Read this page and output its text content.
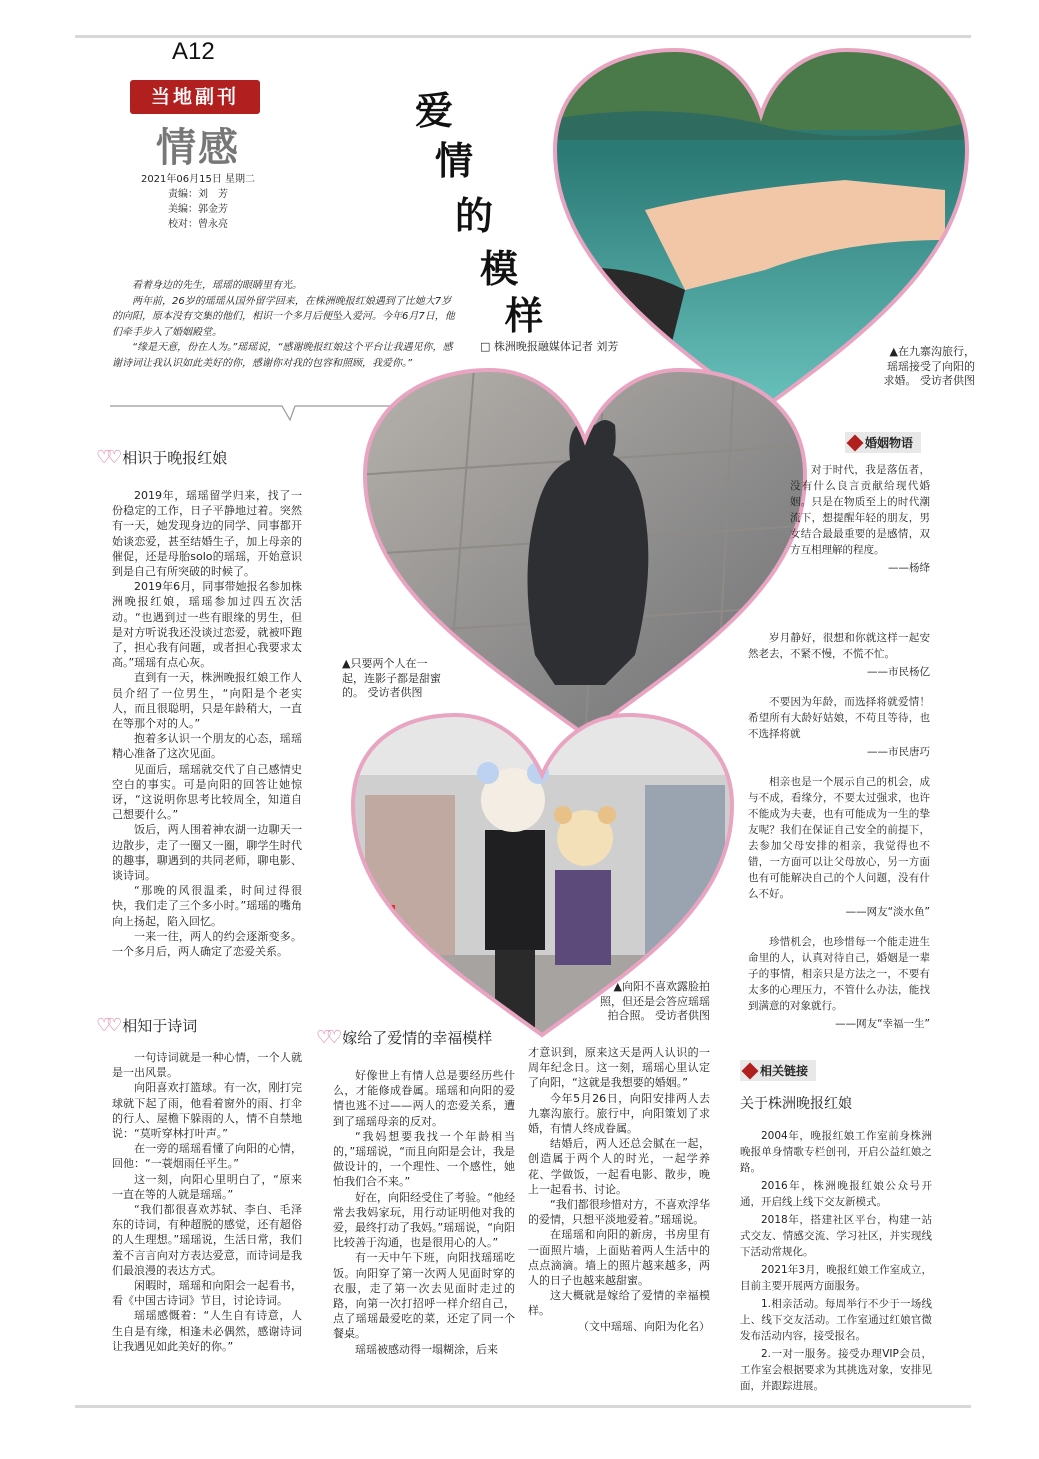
A12
当地副刊
情感
2021年06月15日 星期二
责编：刘　芳
美编：郭金芳
校对：曾永亮
爱
情
的
模
样
□ 株洲晚报融媒体记者 刘芳

看着身边的先生，瑶瑶的眼睛里有光。

两年前，26岁的瑶瑶从国外留学回来，在株洲晚报红娘遇到了比她大7岁的向阳，原本没有交集的他们，相识一个多月后便坠入爱河。今年6月7日，他们牵手步入了婚姻殿堂。

“缘是天意，份在人为。”瑶瑶说，“感谢晚报红娘这个平台让我遇见你，感谢诗词让我认识如此美好的你，感谢你对我的包容和照顾，我爱你。”

▲在九寨沟旅行，瑶瑶接受了向阳的求婚。 受访者供图
▲只要两个人在一起，连影子都是甜蜜的。 受访者供图
▲向阳不喜欢露脸拍照，但还是会答应瑶瑶拍合照。 受访者供图
♡♡ 相识于晚报红娘

2019年，瑶瑶留学归来，找了一份稳定的工作，日子平静地过着。突然有一天，她发现身边的同学、同事都开始谈恋爱，甚至结婚生子，加上母亲的催促，还是母胎solo的瑶瑶，开始意识到是自己有所突破的时候了。

2019年6月，同事带她报名参加株洲晚报红娘，瑶瑶参加过四五次活动。“也遇到过一些有眼缘的男生，但是对方听说我还没谈过恋爱，就被吓跑了，担心我有问题，或者担心我要求太高。”瑶瑶有点心灰。

直到有一天，株洲晚报红娘工作人员介绍了一位男生，“向阳是个老实人，而且很聪明，只是年龄稍大，一直在等那个对的人。”

抱着多认识一个朋友的心态，瑶瑶精心准备了这次见面。

见面后，瑶瑶就交代了自己感情史空白的事实。可是向阳的回答让她惊讶，“这说明你思考比较周全，知道自己想要什么。”

饭后，两人围着神农湖一边聊天一边散步，走了一圈又一圈，聊学生时代的趣事，聊遇到的共同老师，聊电影、谈诗词。

“那晚的风很温柔，时间过得很快，我们走了三个多小时。”瑶瑶的嘴角向上扬起，陷入回忆。

一来一往，两人的约会逐渐变多。一个多月后，两人确定了恋爱关系。

♡♡ 相知于诗词

一句诗词就是一种心情，一个人就是一出风景。

向阳喜欢打篮球。有一次，刚打完球就下起了雨，他看着窗外的雨、打伞的行人、屋檐下躲雨的人，情不自禁地说：“莫听穿林打叶声。”

在一旁的瑶瑶看懂了向阳的心情，回他：“一蓑烟雨任平生。”

这一刻，向阳心里明白了，“原来一直在等的人就是瑶瑶。”

“我们都很喜欢苏轼、李白、毛泽东的诗词，有种超脱的感觉，还有超俗的人生理想。”瑶瑶说，生活日常，我们羞不言言向对方表达爱意，而诗词是我们最浪漫的表达方式。

闲暇时，瑶瑶和向阳会一起看书，看《中国古诗词》节目，讨论诗词。

瑶瑶感慨着：“人生自有诗意，人生自是有缘，相逢未必偶然，感谢诗词让我遇见如此美好的你。”

♡♡ 嫁给了爱情的幸福模样

好像世上有情人总是要经历些什么，才能修成眷属。瑶瑶和向阳的爱情也逃不过——两人的恋爱关系，遭到了瑶瑶母亲的反对。

“我妈想要我找一个年龄相当的，”瑶瑶说，“而且向阳是会计，我是做设计的，一个理性、一个感性，她怕我们合不来。”

好在，向阳经受住了考验。“他经常去我妈家玩，用行动证明他对我的爱，最终打动了我妈。”瑶瑶说，“向阳比较善于沟通，也是很用心的人。”

有一天中午下班，向阳找瑶瑶吃饭。向阳穿了第一次两人见面时穿的衣服，走了第一次去见面时走过的路，向第一次打招呼一样介绍自己，点了瑶瑶最爱吃的菜，还定了同一个餐桌。

瑶瑶被感动得一塌糊涂，后来

才意识到，原来这天是两人认识的一周年纪念日。这一刻，瑶瑶心里认定了向阳，“这就是我想要的婚姻。”

今年5月26日，向阳安排两人去九寨沟旅行。旅行中，向阳策划了求婚，有情人终成眷属。

结婚后，两人还总会腻在一起，创造属于两个人的时光，一起学养花、学做饭，一起看电影、散步，晚上一起看书、讨论。

“我们都很珍惜对方，不喜欢浮华的爱情，只想平淡地爱着。”瑶瑶说。

在瑶瑶和向阳的新房，书房里有一面照片墙，上面贴着两人生活中的点点滴滴。墙上的照片越来越多，两人的日子也越来越甜蜜。

这大概就是嫁给了爱情的幸福模样。

（文中瑶瑶、向阳为化名）

婚姻物语

对于时代，我是落伍者，没有什么良言贡献给现代婚姻。只是在物质至上的时代潮流下，想提醒年轻的朋友，男女结合最最重要的是感情，双方互相理解的程度。

——杨绛

岁月静好，很想和你就这样一起安然老去，不紧不慢，不慌不忙。

——市民杨亿

不要因为年龄，而选择将就爱情！希望所有大龄好姑娘，不苟且等待，也不选择将就

——市民唐巧

相亲也是一个展示自己的机会，成与不成，看缘分，不要太过强求，也许不能成为夫妻，也有可能成为一生的挚友呢？我们在保证自己安全的前提下，去参加父母安排的相亲，我觉得也不错，一方面可以让父母放心，另一方面也有可能解决自己的个人问题，没有什么不好。

——网友“淡水鱼”

珍惜机会，也珍惜每一个能走进生命里的人，认真对待自己，婚姻是一辈子的事情，相亲只是方法之一，不要有太多的心理压力，不管什么办法，能找到满意的对象就行。

——网友“幸福一生”

相关链接
关于株洲晚报红娘

2004年，晚报红娘工作室前身株洲晚报单身情歌专栏创刊，开启公益红娘之路。

2016年，株洲晚报红娘公众号开通，开启线上线下交友新模式。

2018年，搭建社区平台，构建一站式交友、情感交流、学习社区，并实现线下活动常规化。

2021年3月，晚报红娘工作室成立，目前主要开展两方面服务。

1.相亲活动。每周举行不少于一场线上、线下交友活动。工作室通过红娘官微发布活动内容，接受报名。

2.一对一服务。接受办理VIP会员，工作室会根据要求为其挑选对象，安排见面，并跟踪进展。
